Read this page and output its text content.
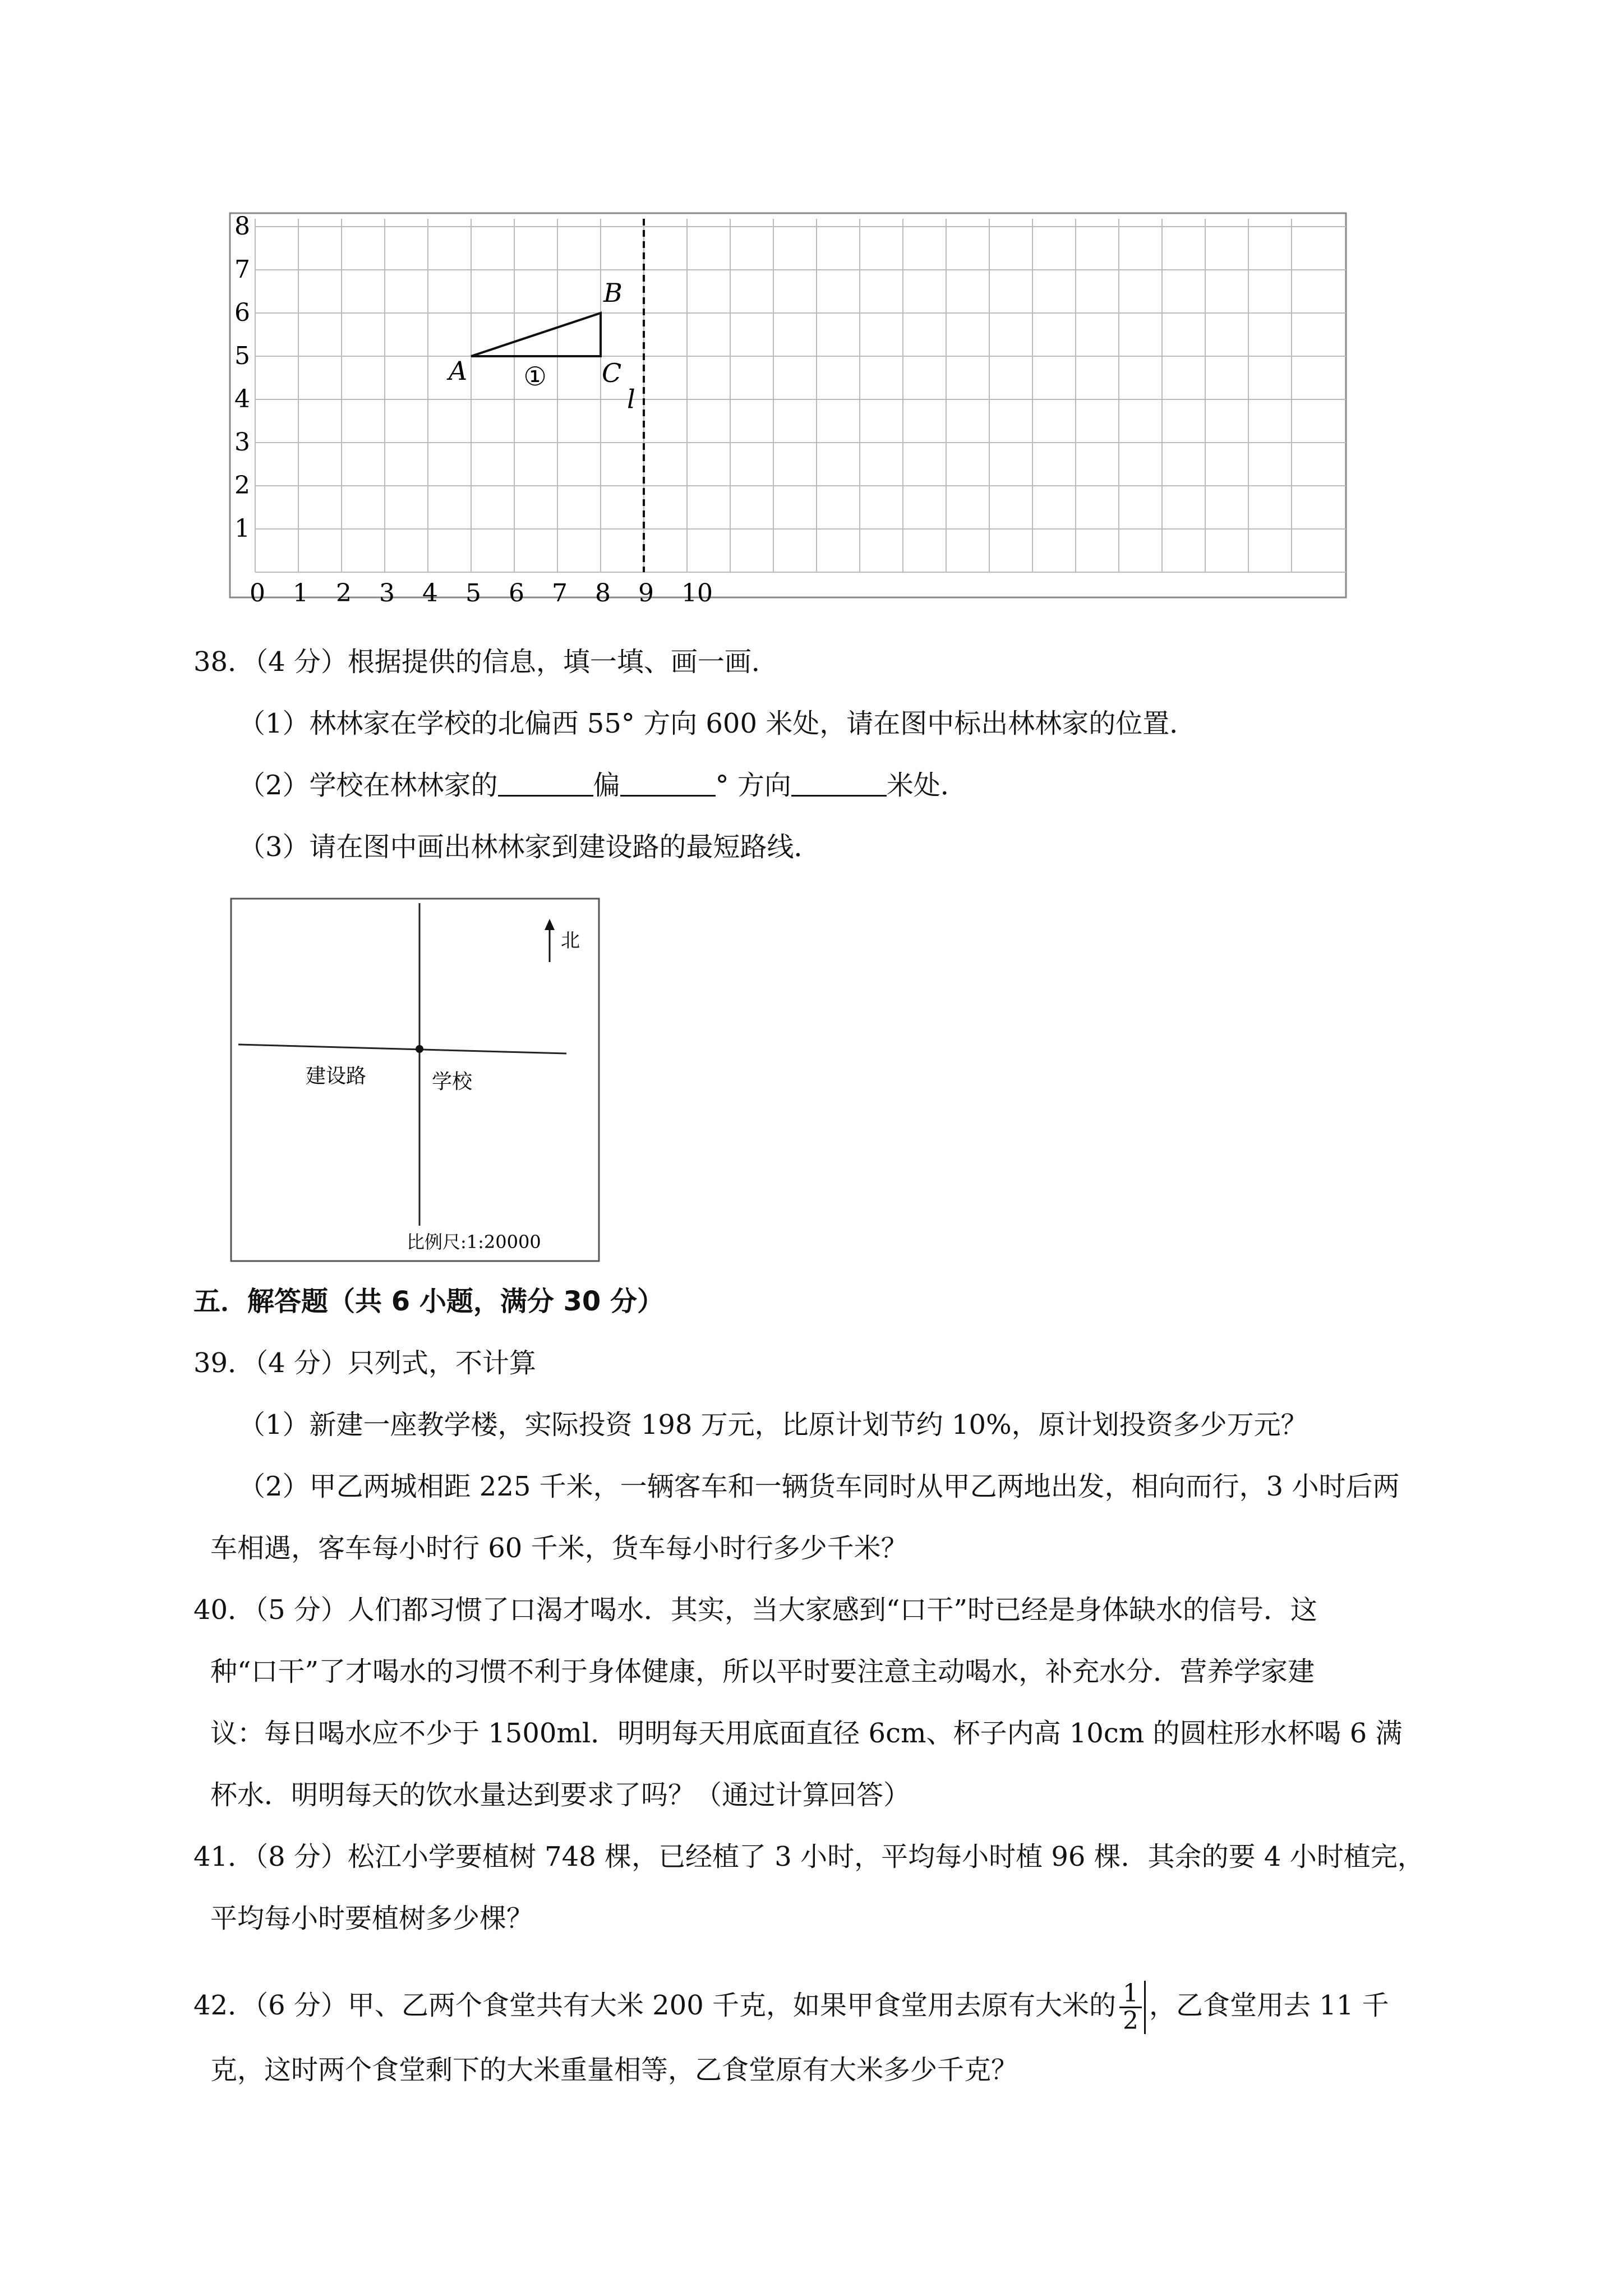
0 1 2 3 4 5 6 7 8 9 10
1
2
3
4
5
6
7
8
A
B
C
①
l
38．（4 分）根据提供的信息，填一填、画一画．
（1）林林家在学校的北偏西 55° 方向 600 米处，请在图中标出林林家的位置．
（2）学校在林林家的	偏	° 方向	米处．
（3）请在图中画出林林家到建设路的最短路线．
北
建设路	学校
比例尺:1:20000
五．解答题（共 6 小题，满分 30 分）
39．（4 分）只列式，不计算
（1）新建一座教学楼，实际投资 198 万元，比原计划节约 10%，原计划投资多少万元？
（2）甲乙两城相距 225 千米，一辆客车和一辆货车同时从甲乙两地出发，相向而行，3 小时后两
车相遇，客车每小时行 60 千米，货车每小时行多少千米？
40．（5 分）人们都习惯了口渴才喝水．其实，当大家感到“口干”时已经是身体缺水的信号．这
种“口干”了才喝水的习惯不利于身体健康，所以平时要注意主动喝水，补充水分．营养学家建
议：每日喝水应不少于 1500ml．明明每天用底面直径 6cm、杯子内高 10cm 的圆柱形水杯喝 6 满
杯水．明明每天的饮水量达到要求了吗？（通过计算回答）
41．（8 分）松江小学要植树 748 棵，已经植了 3 小时，平均每小时植 96 棵．其余的要 4 小时植完，
平均每小时要植树多少棵？
42．（6 分）甲、乙两个食堂共有大米 200 千克，如果甲食堂用去原有大米的 $\frac{1}{2}$ ，乙食堂用去 11 千
克，这时两个食堂剩下的大米重量相等，乙食堂原有大米多少千克？
